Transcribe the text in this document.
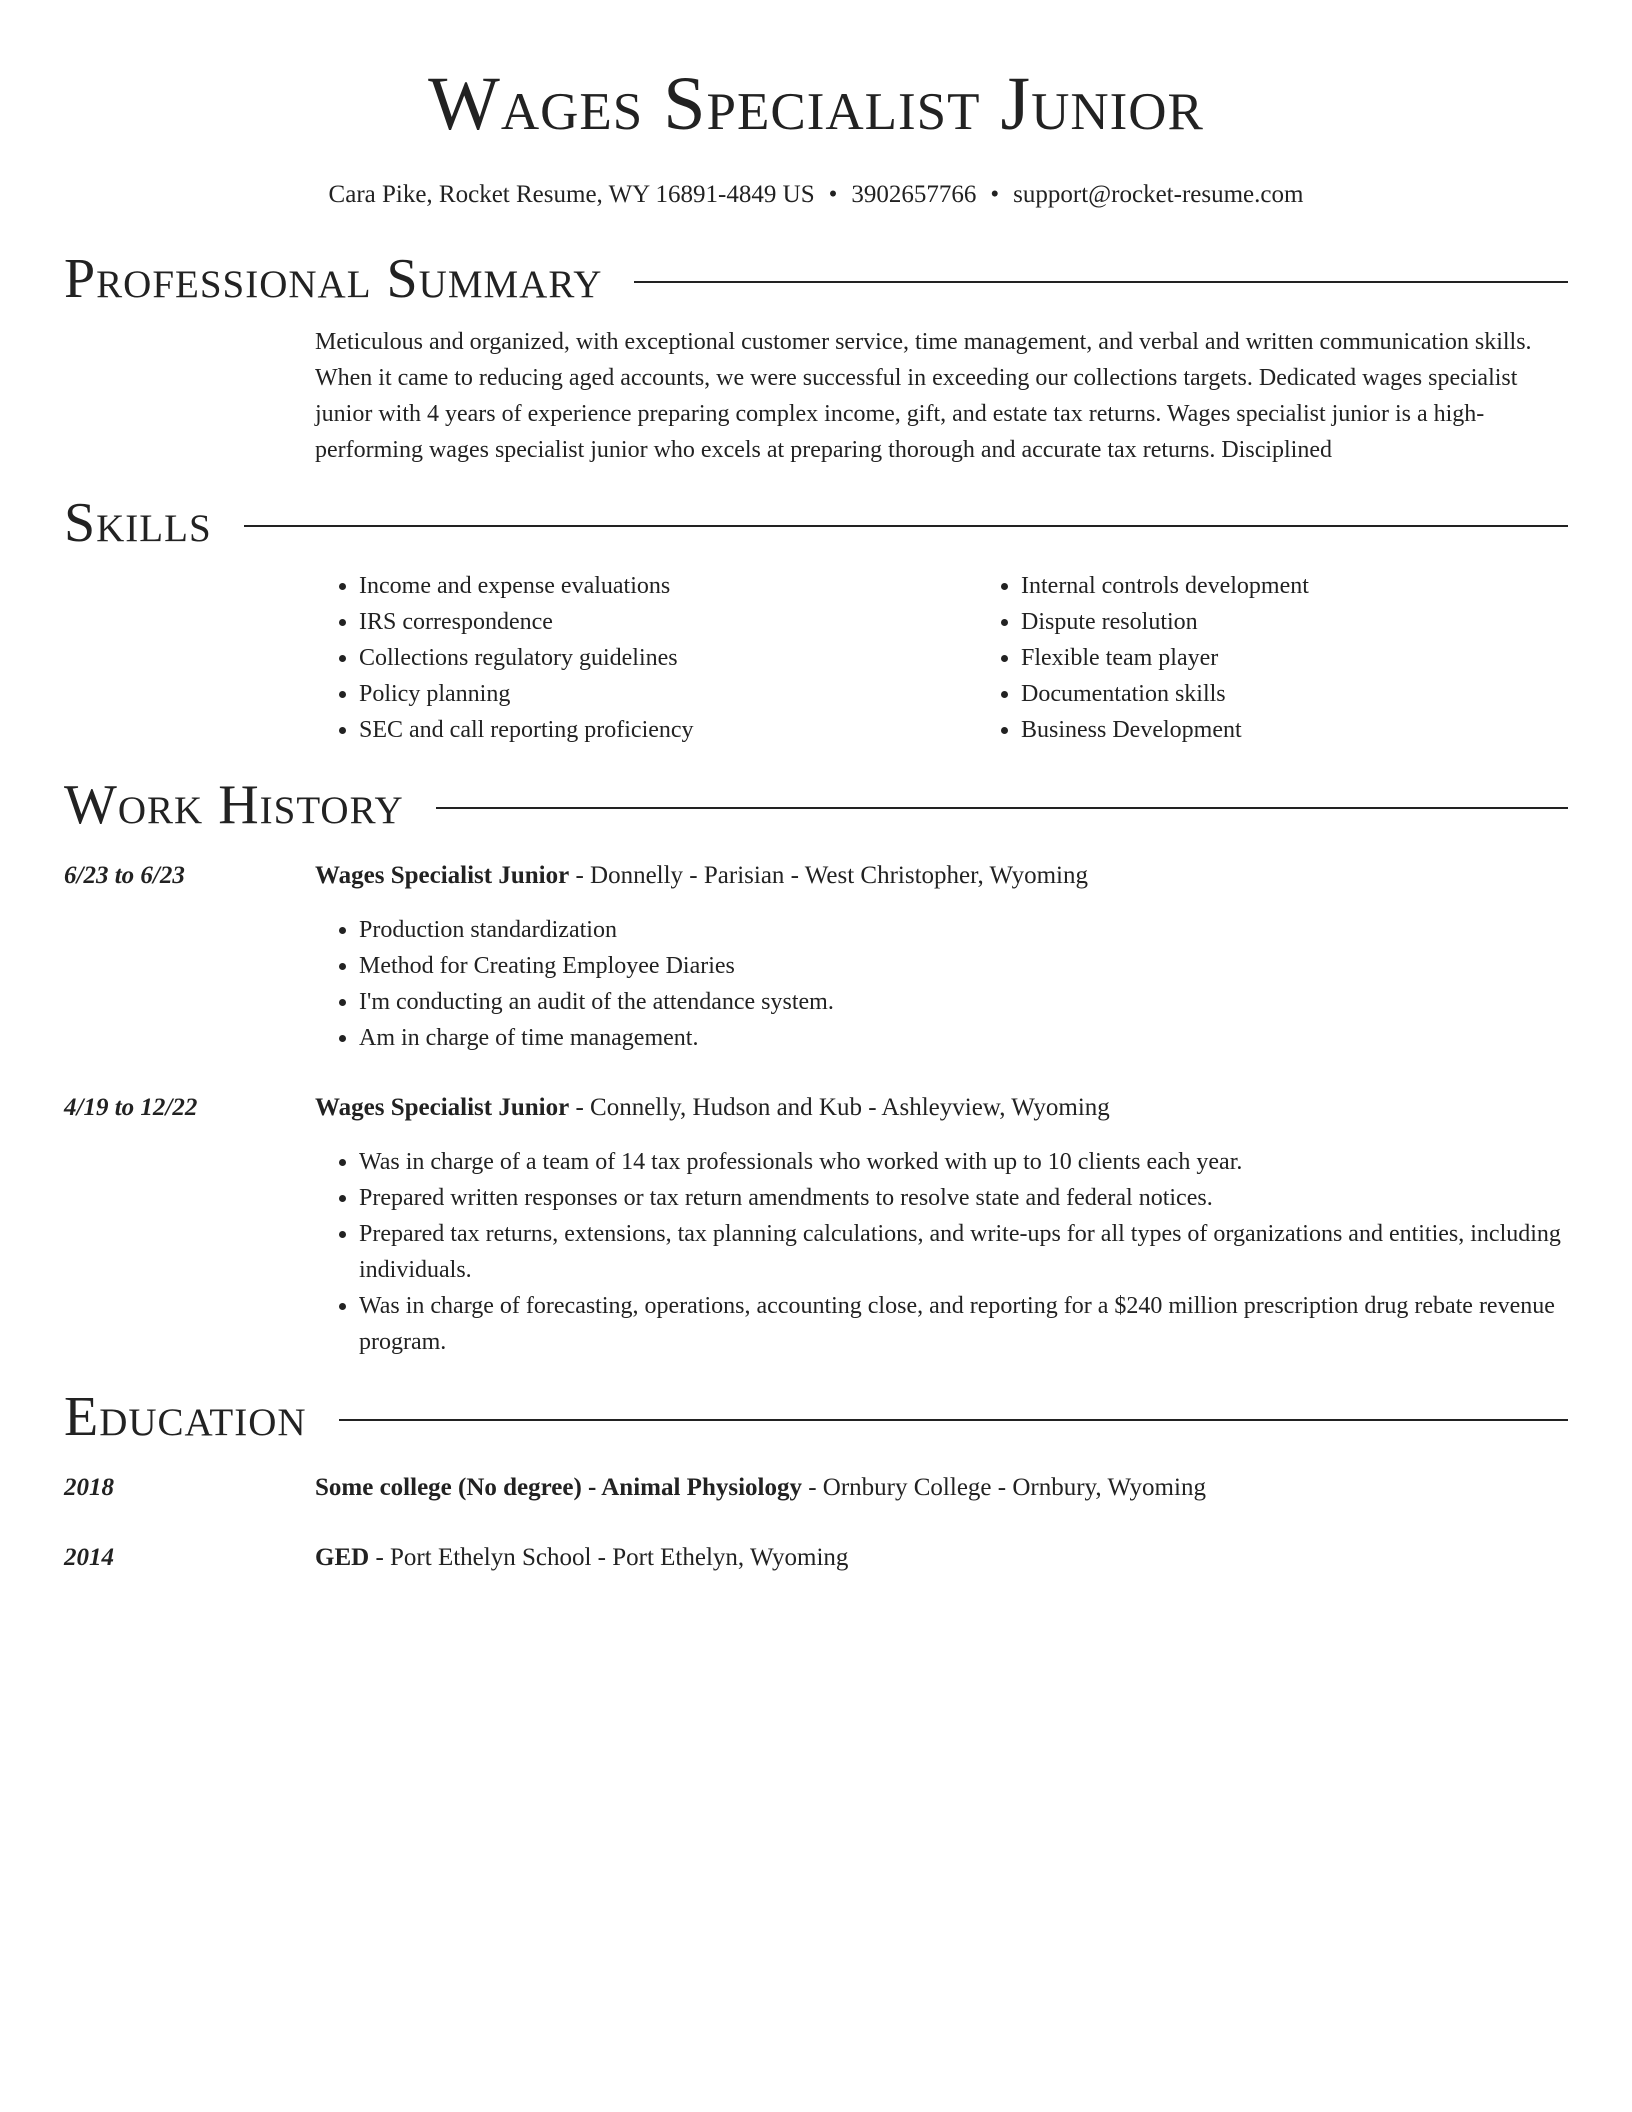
Wages Specialist Junior
Cara Pike, Rocket Resume, WY 16891-4849 US • 3902657766 • support@rocket-resume.com
Professional Summary
Meticulous and organized, with exceptional customer service, time management, and verbal and written communication skills. When it came to reducing aged accounts, we were successful in exceeding our collections targets. Dedicated wages specialist junior with 4 years of experience preparing complex income, gift, and estate tax returns. Wages specialist junior is a high-performing wages specialist junior who excels at preparing thorough and accurate tax returns. Disciplined
Skills
• Income and expense evaluations
• IRS correspondence
• Collections regulatory guidelines
• Policy planning
• SEC and call reporting proficiency
• Internal controls development
• Dispute resolution
• Flexible team player
• Documentation skills
• Business Development
Work History
6/23 to 6/23	Wages Specialist Junior - Donnelly - Parisian - West Christopher, Wyoming
• Production standardization
• Method for Creating Employee Diaries
• I'm conducting an audit of the attendance system.
• Am in charge of time management.
4/19 to 12/22	Wages Specialist Junior - Connelly, Hudson and Kub - Ashleyview, Wyoming
• Was in charge of a team of 14 tax professionals who worked with up to 10 clients each year.
• Prepared written responses or tax return amendments to resolve state and federal notices.
• Prepared tax returns, extensions, tax planning calculations, and write-ups for all types of organizations and entities, including individuals.
• Was in charge of forecasting, operations, accounting close, and reporting for a $240 million prescription drug rebate revenue program.
Education
2018	Some college (No degree) - Animal Physiology - Ornbury College - Ornbury, Wyoming
2014	GED - Port Ethelyn School - Port Ethelyn, Wyoming
